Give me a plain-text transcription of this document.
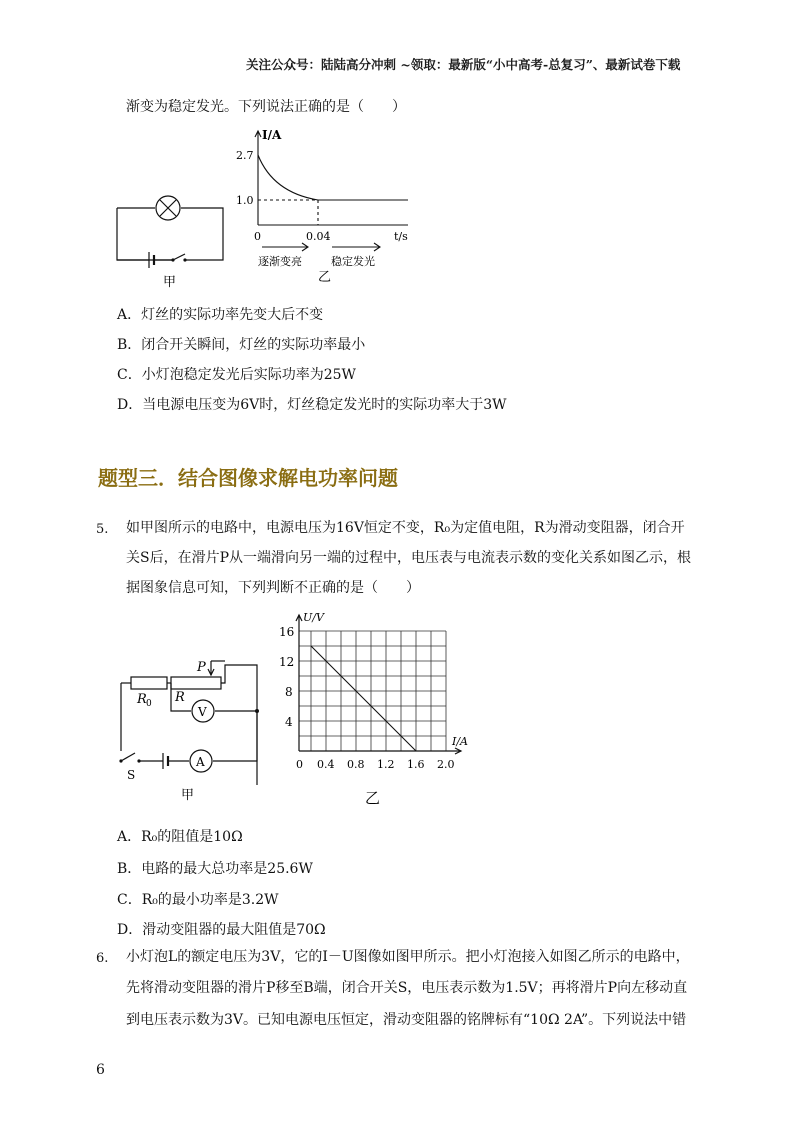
关注公众号：陆陆高分冲刺 ~领取：最新版“小中高考-总复习”、最新试卷下载
渐变为稳定发光。下列说法正确的是（　　）
甲
I/A
2.7
1.0
0	0.04	t/s
逐渐变亮	稳定发光
乙
A．灯丝的实际功率先变大后不变
B．闭合开关瞬间，灯丝的实际功率最小
C．小灯泡稳定发光后实际功率为25W
D．当电源电压变为6V时，灯丝稳定发光时的实际功率大于3W
题型三．结合图像求解电功率问题
5. 如甲图所示的电路中，电源电压为16V恒定不变，R₀为定值电阻，R为滑动变阻器，闭合开
关S后，在滑片P从一端滑向另一端的过程中，电压表与电流表示数的变化关系如图乙示，根
据图象信息可知，下列判断不正确的是（　　）
P
R
R 0
V
A
S
甲
U/V
16
12
8
4
I/A
0 0.4 0.8 1.2 1.6 2.0
乙
A．R₀的阻值是10Ω
B．电路的最大总功率是25.6W
C．R₀的最小功率是3.2W
D．滑动变阻器的最大阻值是70Ω
6. 小灯泡L的额定电压为3V，它的I－U图像如图甲所示。把小灯泡接入如图乙所示的电路中，
先将滑动变阻器的滑片P移至B端，闭合开关S，电压表示数为1.5V；再将滑片P向左移动直
到电压表示数为3V。已知电源电压恒定，滑动变阻器的铭牌标有“10Ω 2A”。下列说法中错
6
